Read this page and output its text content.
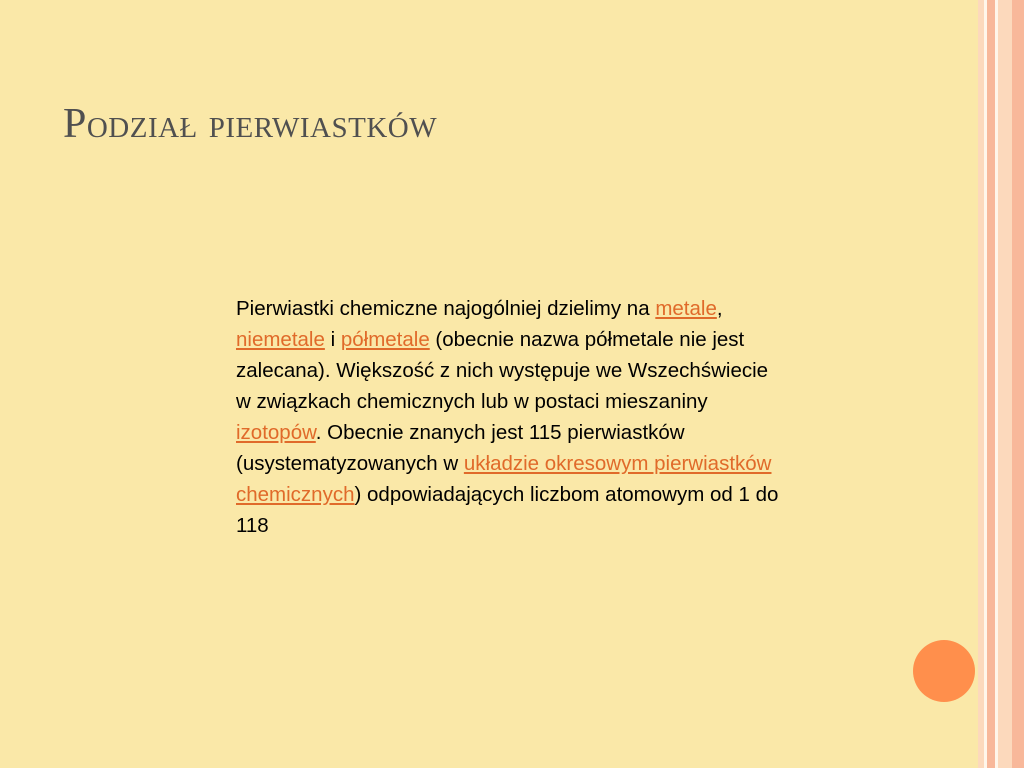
Podział pierwiastków
Pierwiastki chemiczne najogólniej dzielimy na metale, niemetale i półmetale (obecnie nazwa półmetale nie jest zalecana). Większość z nich występuje we Wszechświecie w związkach chemicznych lub w postaci mieszaniny izotopów. Obecnie znanych jest 115 pierwiastków (usystematyzowanych w układzie okresowym pierwiastków chemicznych) odpowiadających liczbom atomowym od 1 do 118
